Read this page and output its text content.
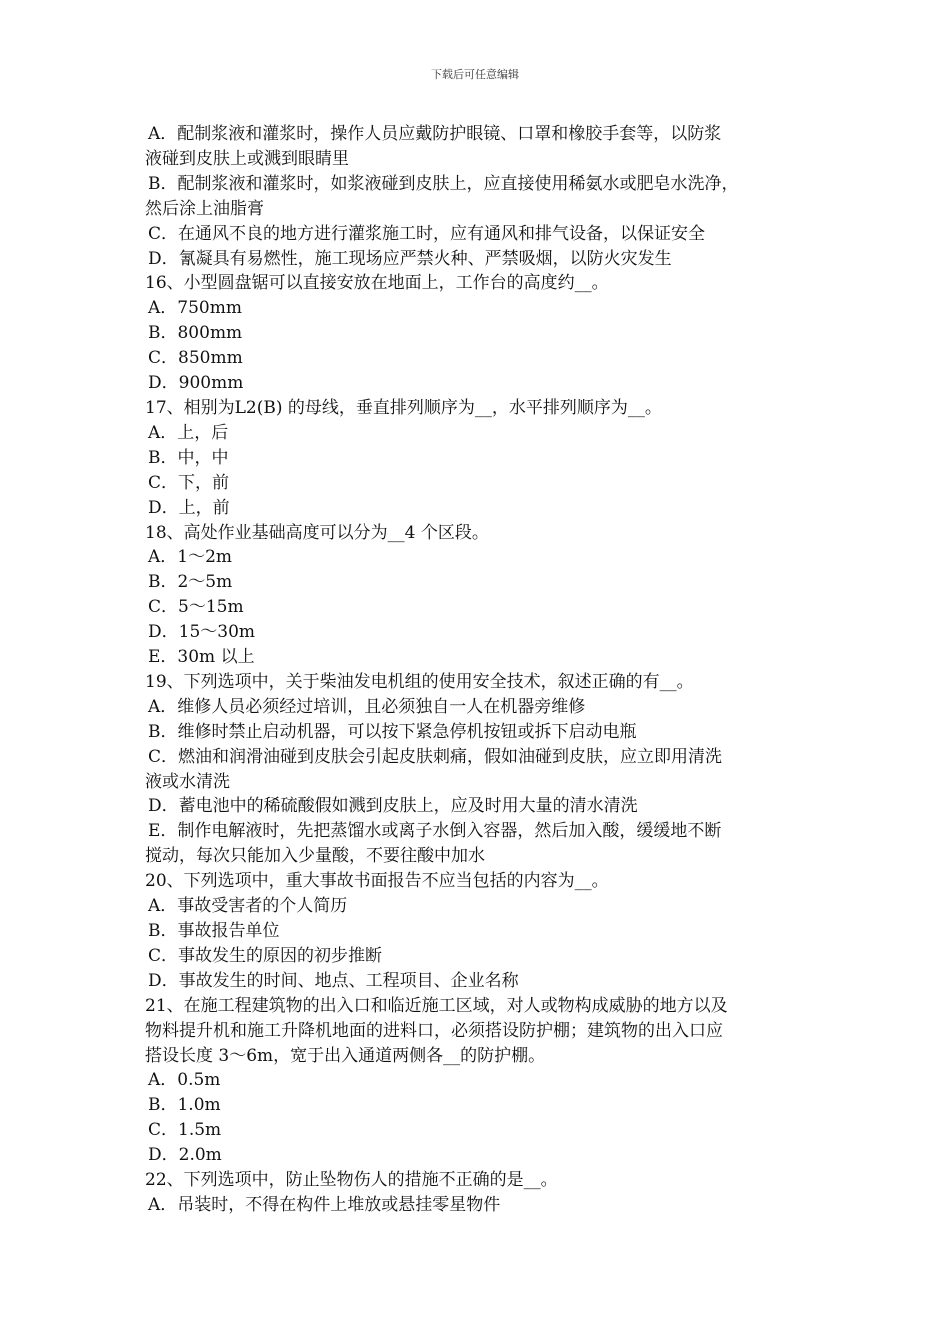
下载后可任意编辑
A．配制浆液和灌浆时，操作人员应戴防护眼镜、口罩和橡胶手套等，以防浆
液碰到皮肤上或溅到眼睛里
B．配制浆液和灌浆时，如浆液碰到皮肤上，应直接使用稀氨水或肥皂水洗净，
然后涂上油脂膏
C．在通风不良的地方进行灌浆施工时，应有通风和排气设备，以保证安全
D．氰凝具有易燃性，施工现场应严禁火种、严禁吸烟，以防火灾发生
16、小型圆盘锯可以直接安放在地面上，工作台的高度约__。
A．750mm
B．800mm
C．850mm
D．900mm
17、相别为L2(B) 的母线，垂直排列顺序为__，水平排列顺序为__。
A．上，后
B．中，中
C．下，前
D．上，前
18、高处作业基础高度可以分为__4 个区段。
A．1～2m
B．2～5m
C．5～15m
D．15～30m
E．30m 以上
19、下列选项中，关于柴油发电机组的使用安全技术，叙述正确的有__。
A．维修人员必须经过培训，且必须独自一人在机器旁维修
B．维修时禁止启动机器，可以按下紧急停机按钮或拆下启动电瓶
C．燃油和润滑油碰到皮肤会引起皮肤刺痛，假如油碰到皮肤，应立即用清洗
液或水清洗
D．蓄电池中的稀硫酸假如溅到皮肤上，应及时用大量的清水清洗
E．制作电解液时，先把蒸馏水或离子水倒入容器，然后加入酸，缓缓地不断
搅动，每次只能加入少量酸，不要往酸中加水
20、下列选项中，重大事故书面报告不应当包括的内容为__。
A．事故受害者的个人简历
B．事故报告单位
C．事故发生的原因的初步推断
D．事故发生的时间、地点、工程项目、企业名称
21、在施工程建筑物的出入口和临近施工区域，对人或物构成威胁的地方以及
物料提升机和施工升降机地面的进料口，必须搭设防护棚；建筑物的出入口应
搭设长度 3～6m，宽于出入通道两侧各__的防护棚。
A．0.5m
B．1.0m
C．1.5m
D．2.0m
22、下列选项中，防止坠物伤人的措施不正确的是__。
A．吊装时，不得在构件上堆放或悬挂零星物件
